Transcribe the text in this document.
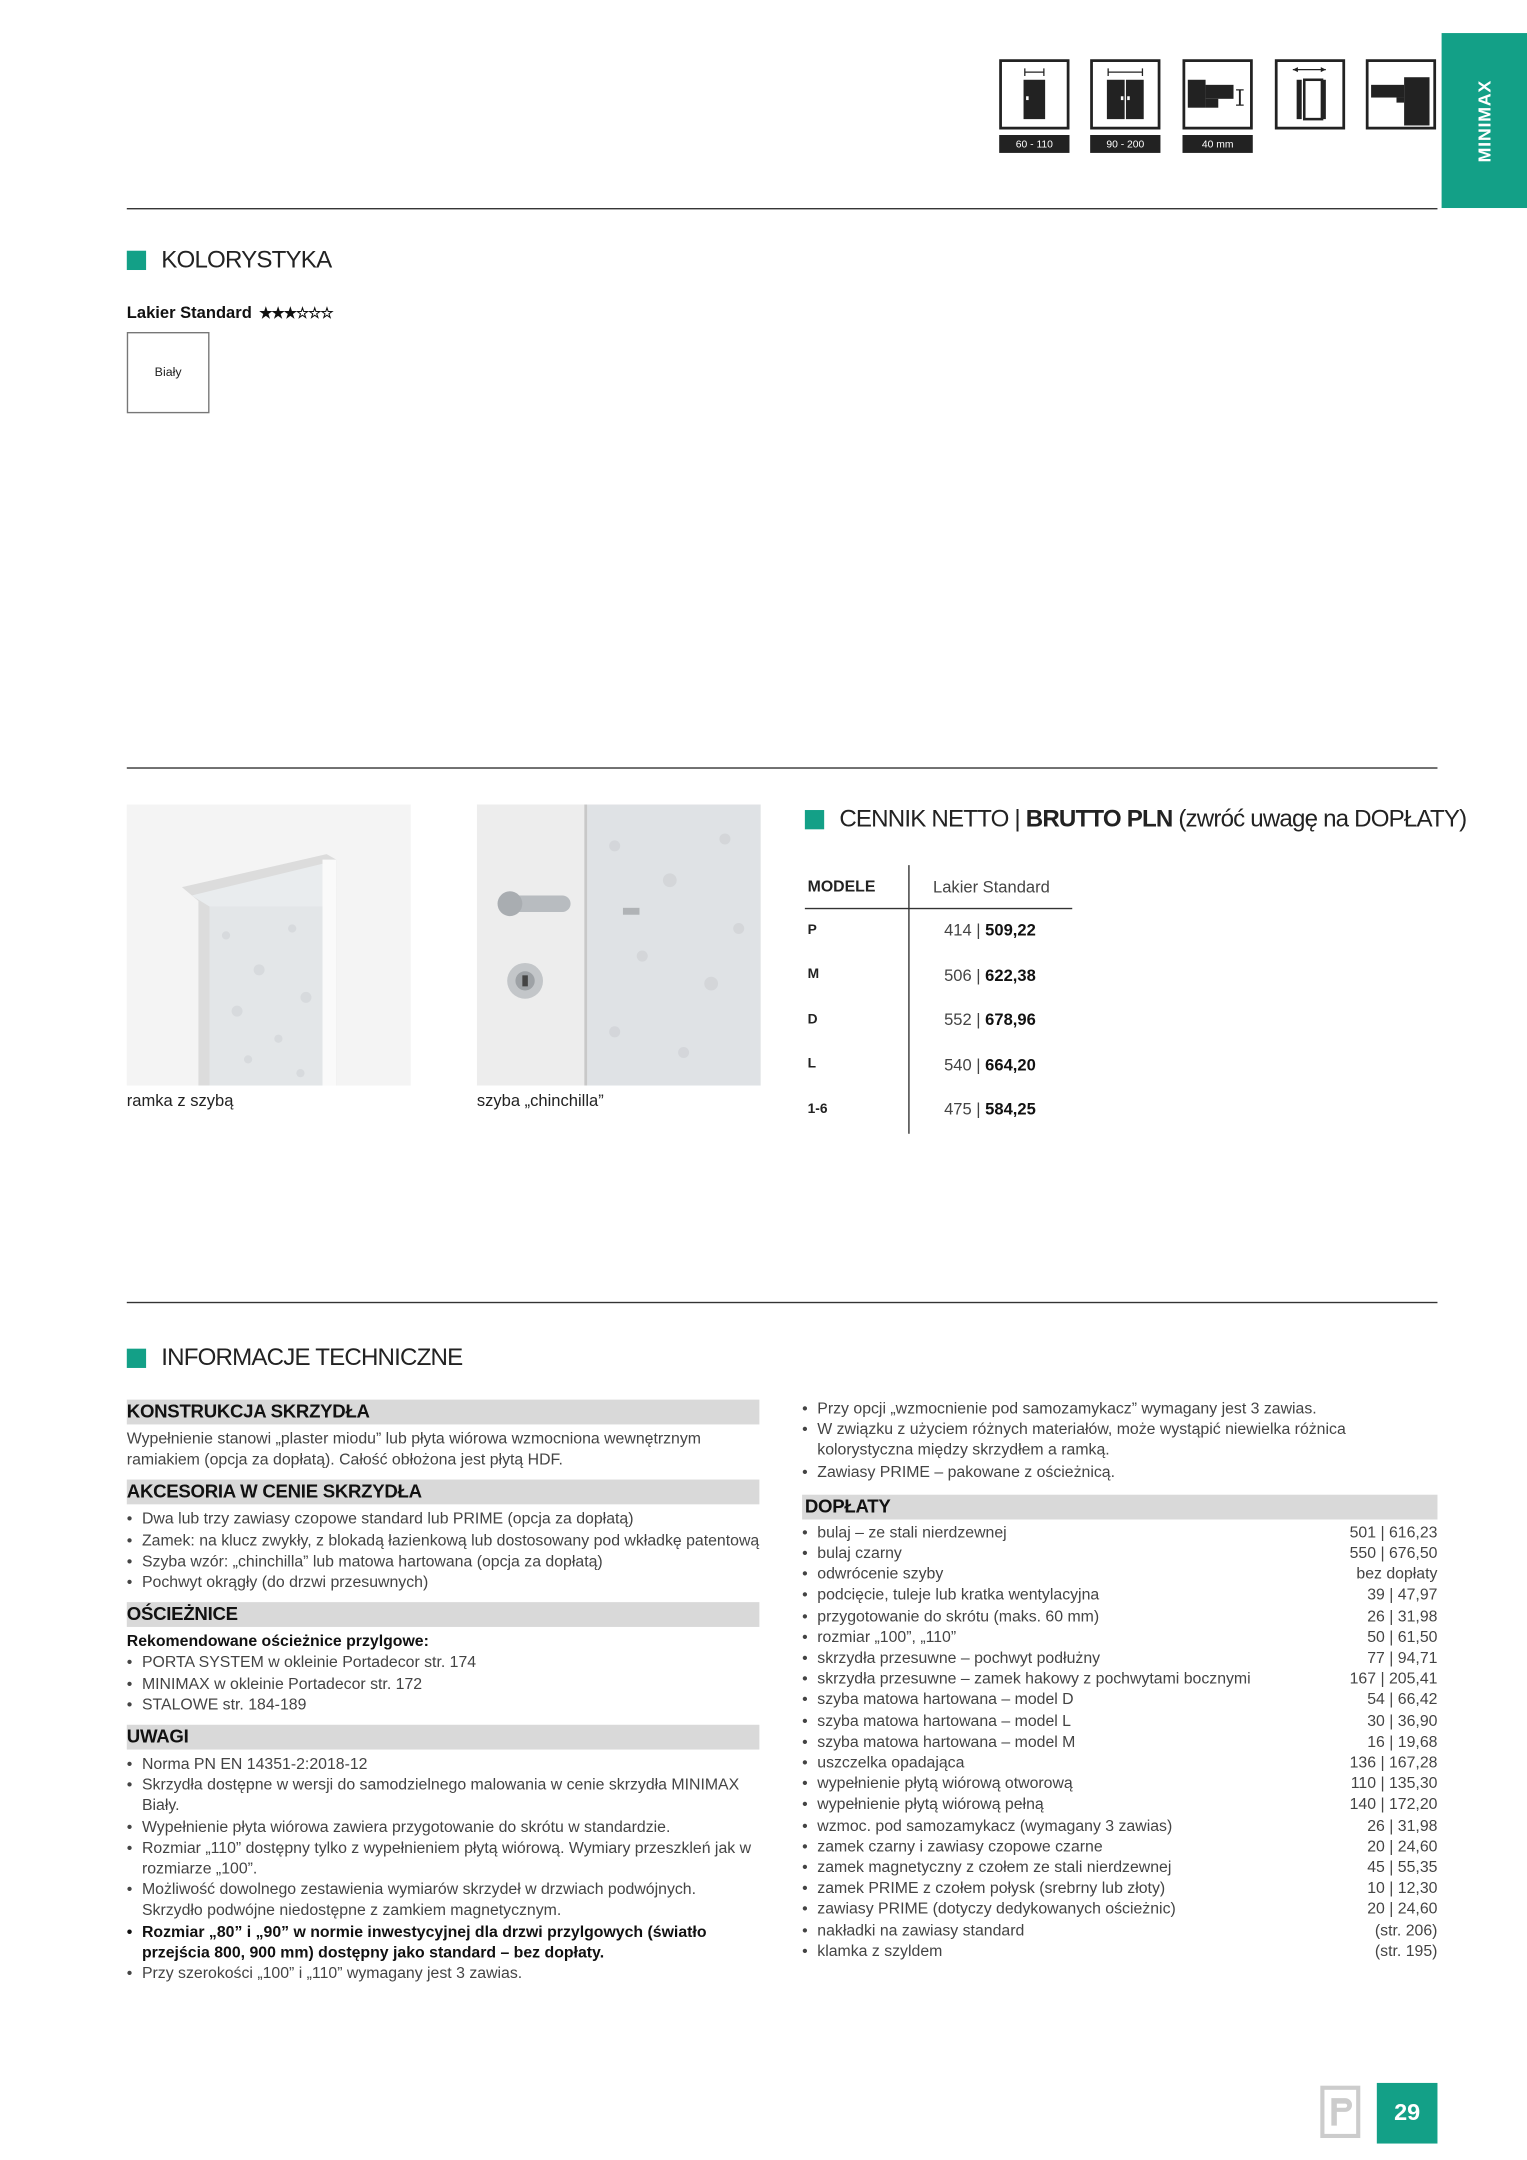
MINIMAX
60 - 110	90 - 200	40 mm
KOLORYSTYKA
Lakier Standard ★★★☆☆☆
Biały
ramka z szybą	szyba „chinchilla”
CENNIK NETTO | BRUTTO PLN (zwróć uwagę na DOPŁATY)
MODELE	Lakier Standard
P	414 | 509,22
M	506 | 622,38
D	552 | 678,96
L	540 | 664,20
1-6	475 | 584,25
INFORMACJE TECHNICZNE
KONSTRUKCJA SKRZYDŁA
Wypełnienie stanowi „plaster miodu” lub płyta wiórowa wzmocniona wewnętrznym ramiakiem (opcja za dopłatą). Całość obłożona jest płytą HDF.
AKCESORIA W CENIE SKRZYDŁA
• Dwa lub trzy zawiasy czopowe standard lub PRIME (opcja za dopłatą)
• Zamek: na klucz zwykły, z blokadą łazienkową lub dostosowany pod wkładkę patentową
• Szyba wzór: „chinchilla” lub matowa hartowana (opcja za dopłatą)
• Pochwyt okrągły (do drzwi przesuwnych)
OŚCIEŻNICE
Rekomendowane ościeżnice przylgowe:
• PORTA SYSTEM w okleinie Portadecor str. 174
• MINIMAX w okleinie Portadecor str. 172
• STALOWE str. 184-189
UWAGI
• Norma PN EN 14351-2:2018-12
• Skrzydła dostępne w wersji do samodzielnego malowania w cenie skrzydła MINIMAX Biały.
• Wypełnienie płyta wiórowa zawiera przygotowanie do skrótu w standardzie.
• Rozmiar „110” dostępny tylko z wypełnieniem płytą wiórową. Wymiary przeszkleń jak w rozmiarze „100”.
• Możliwość dowolnego zestawienia wymiarów skrzydeł w drzwiach podwójnych. Skrzydło podwójne niedostępne z zamkiem magnetycznym.
• Rozmiar „80” i „90” w normie inwestycyjnej dla drzwi przylgowych (światło przejścia 800, 900 mm) dostępny jako standard – bez dopłaty.
• Przy szerokości „100” i „110” wymagany jest 3 zawias.
• Przy opcji „wzmocnienie pod samozamykacz” wymagany jest 3 zawias.
• W związku z użyciem różnych materiałów, może wystąpić niewielka różnica kolorystyczna między skrzydłem a ramką.
• Zawiasy PRIME – pakowane z ościeżnicą.
DOPŁATY
• bulaj – ze stali nierdzewnej	501 | 616,23
• bulaj czarny	550 | 676,50
• odwrócenie szyby	bez dopłaty
• podcięcie, tuleje lub kratka wentylacyjna	39 | 47,97
• przygotowanie do skrótu (maks. 60 mm)	26 | 31,98
• rozmiar „100”, „110”	50 | 61,50
• skrzydła przesuwne – pochwyt podłużny	77 | 94,71
• skrzydła przesuwne – zamek hakowy z pochwytami bocznymi	167 | 205,41
• szyba matowa hartowana – model D	54 | 66,42
• szyba matowa hartowana – model L	30 | 36,90
• szyba matowa hartowana – model M	16 | 19,68
• uszczelka opadająca	136 | 167,28
• wypełnienie płytą wiórową otworową	110 | 135,30
• wypełnienie płytą wiórową pełną	140 | 172,20
• wzmoc. pod samozamykacz (wymagany 3 zawias)	26 | 31,98
• zamek czarny i zawiasy czopowe czarne	20 | 24,60
• zamek magnetyczny z czołem ze stali nierdzewnej	45 | 55,35
• zamek PRIME z czołem połysk (srebrny lub złoty)	10 | 12,30
• zawiasy PRIME (dotyczy dedykowanych ościeżnic)	20 | 24,60
• nakładki na zawiasy standard	(str. 206)
• klamka z szyldem	(str. 195)
29
